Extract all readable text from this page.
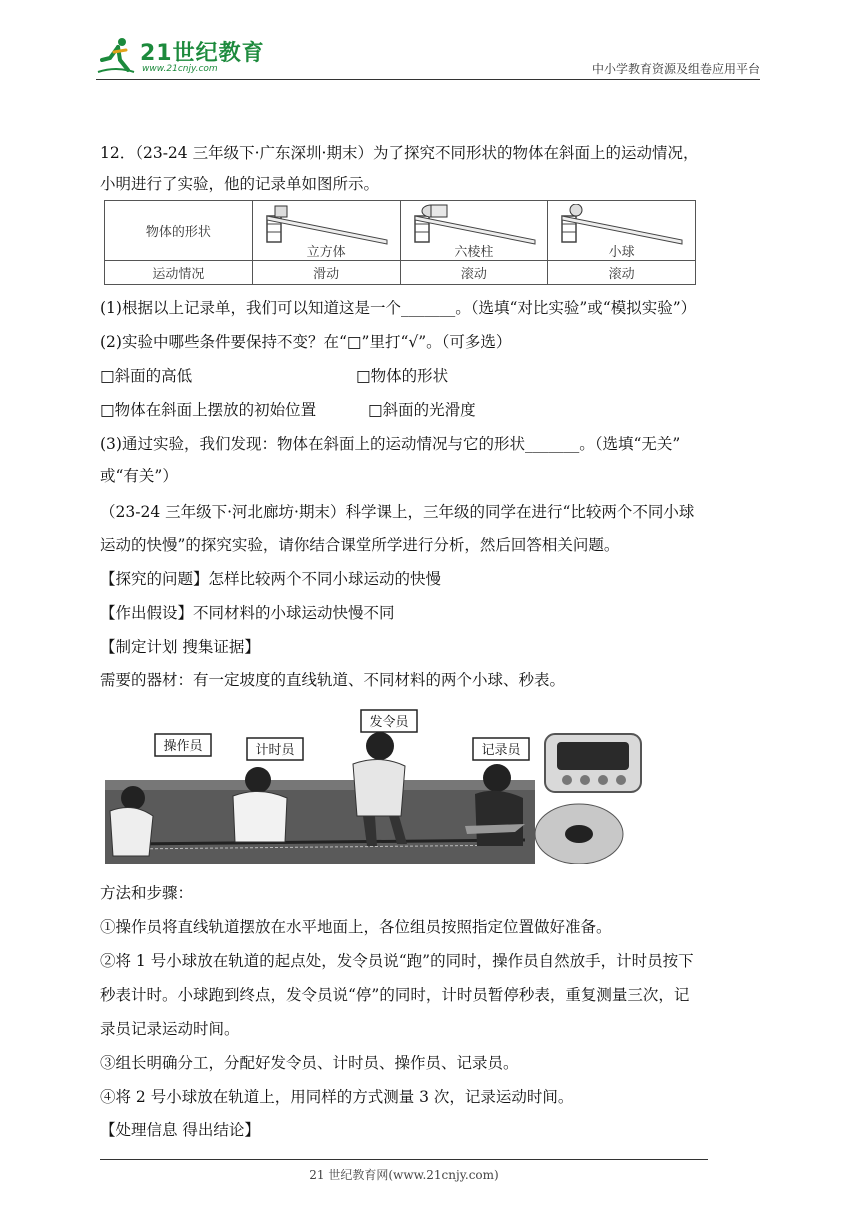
21世纪教育
www.21cnjy.com	中小学教育资源及组卷应用平台
12．（23-24 三年级下·广东深圳·期末）为了探究不同形状的物体在斜面上的运动情况，
小明进行了实验，他的记录单如图所示。
物体的形状	立方体	六棱柱	小球

运动情况	滑动	滚动	滚动
(1)根据以上记录单，我们可以知道这是一个_______。（选填“对比实验”或“模拟实验”）
(2)实验中哪些条件要保持不变？在“□”里打“√”。（可多选）
□斜面的高低	□物体的形状
□物体在斜面上摆放的初始位置	□斜面的光滑度
(3)通过实验，我们发现：物体在斜面上的运动情况与它的形状_______。（选填“无关”
或“有关”）
（23-24 三年级下·河北廊坊·期末）科学课上，三年级的同学在进行“比较两个不同小球
运动的快慢”的探究实验，请你结合课堂所学进行分析，然后回答相关问题。
【探究的问题】怎样比较两个不同小球运动的快慢
【作出假设】不同材料的小球运动快慢不同
【制定计划 搜集证据】
需要的器材：有一定坡度的直线轨道、不同材料的两个小球、秒表。
操作员	计时员
发令员
记录员
方法和步骤：
①操作员将直线轨道摆放在水平地面上，各位组员按照指定位置做好准备。
②将 1 号小球放在轨道的起点处，发令员说“跑”的同时，操作员自然放手，计时员按下
秒表计时。小球跑到终点，发令员说“停”的同时，计时员暂停秒表，重复测量三次，记
录员记录运动时间。
③组长明确分工，分配好发令员、计时员、操作员、记录员。
④将 2 号小球放在轨道上，用同样的方式测量 3 次，记录运动时间。
【处理信息 得出结论】
21 世纪教育网(www.21cnjy.com)
